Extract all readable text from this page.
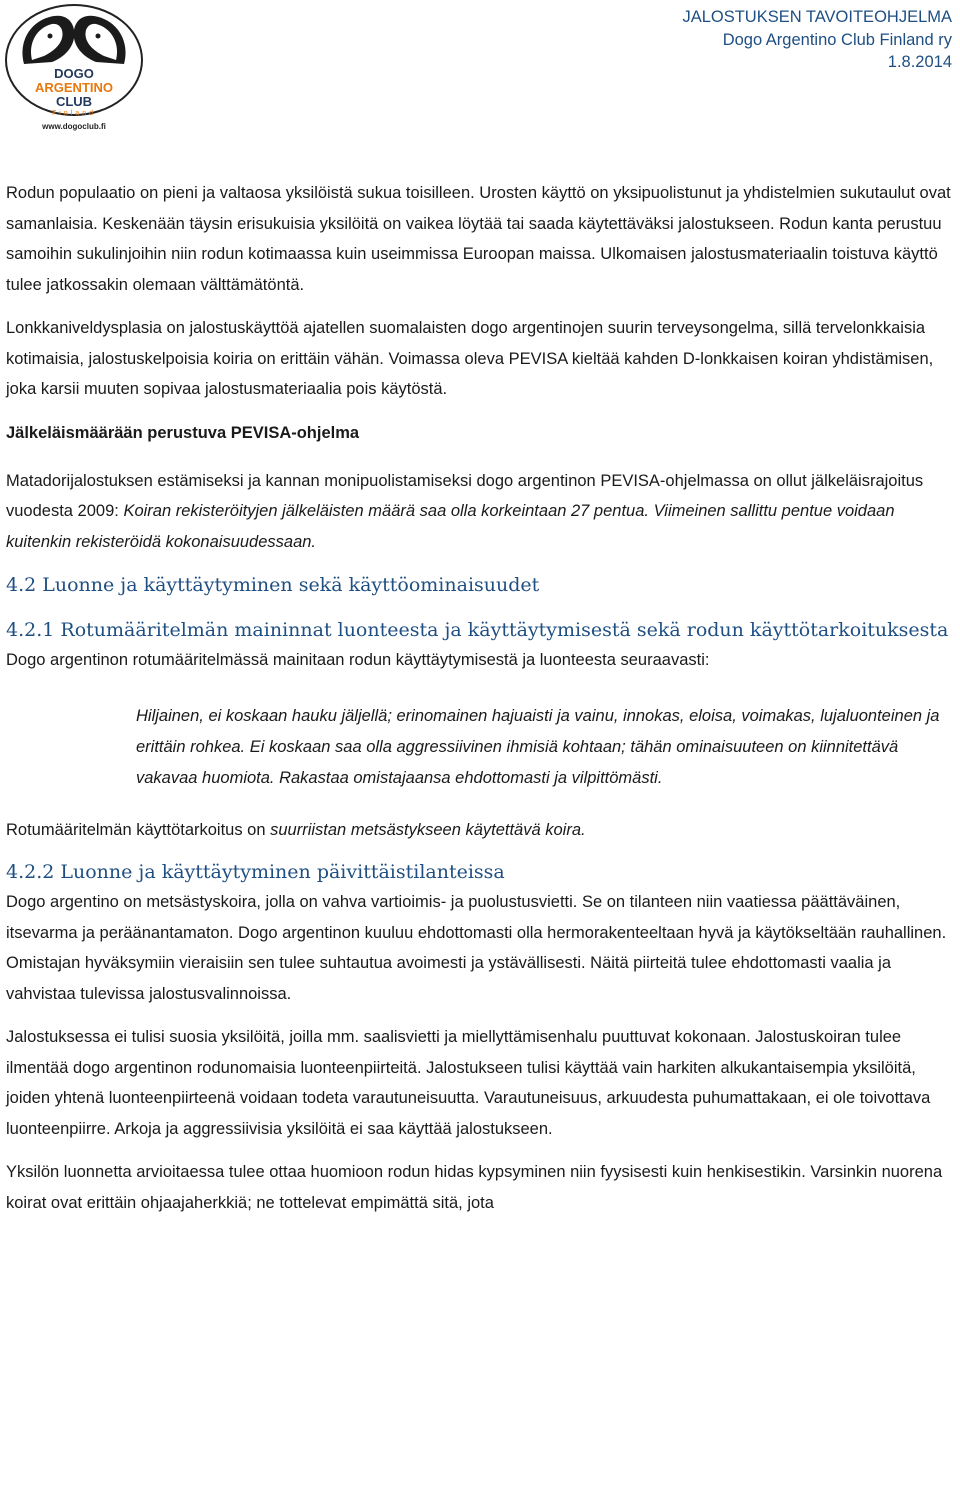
DOGO
ARGENTINO
CLUB
Finland
www.dogoclub.fi
JALOSTUKSEN TAVOITEOHJELMA
Dogo Argentino Club Finland ry
1.8.2014

Rodun populaatio on pieni ja valtaosa yksilöistä sukua toisilleen. Urosten käyttö on yksipuolistunut ja yhdistelmien sukutaulut ovat samanlaisia. Keskenään täysin erisukuisia yksilöitä on vaikea löytää tai saada käytettäväksi jalostukseen. Rodun kanta perustuu samoihin sukulinjoihin niin rodun kotimaassa kuin useimmissa Euroopan maissa. Ulkomaisen jalostusmateriaalin toistuva käyttö tulee jatkossakin olemaan välttämätöntä.

Lonkkaniveldysplasia on jalostuskäyttöä ajatellen suomalaisten dogo argentinojen suurin terveysongelma, sillä tervelonkkaisia kotimaisia, jalostuskelpoisia koiria on erittäin vähän. Voimassa oleva PEVISA kieltää kahden D-lonkkaisen koiran yhdistämisen, joka karsii muuten sopivaa jalostusmateriaalia pois käytöstä.

Jälkeläismäärään perustuva PEVISA-ohjelma

Matadorijalostuksen estämiseksi ja kannan monipuolistamiseksi dogo argentinon PEVISA-ohjelmassa on ollut jälkeläisrajoitus vuodesta 2009: Koiran rekisteröityjen jälkeläisten määrä saa olla korkeintaan 27 pentua. Viimeinen sallittu pentue voidaan kuitenkin rekisteröidä kokonaisuudessaan.

4.2 Luonne ja käyttäytyminen sekä käyttöominaisuudet
4.2.1 Rotumääritelmän maininnat luonteesta ja käyttäytymisestä sekä rodun käyttötarkoituksesta

Dogo argentinon rotumääritelmässä mainitaan rodun käyttäytymisestä ja luonteesta seuraavasti:

Hiljainen, ei koskaan hauku jäljellä; erinomainen hajuaisti ja vainu, innokas, eloisa, voimakas, lujaluonteinen ja erittäin rohkea. Ei koskaan saa olla aggressiivinen ihmisiä kohtaan; tähän ominaisuuteen on kiinnitettävä vakavaa huomiota. Rakastaa omistajaansa ehdottomasti ja vilpittömästi.

Rotumääritelmän käyttötarkoitus on suurriistan metsästykseen käytettävä koira.

4.2.2 Luonne ja käyttäytyminen päivittäistilanteissa

Dogo argentino on metsästyskoira, jolla on vahva vartioimis- ja puolustusvietti. Se on tilanteen niin vaatiessa päättäväinen, itsevarma ja peräänantamaton. Dogo argentinon kuuluu ehdottomasti olla hermorakenteeltaan hyvä ja käytökseltään rauhallinen. Omistajan hyväksymiin vieraisiin sen tulee suhtautua avoimesti ja ystävällisesti. Näitä piirteitä tulee ehdottomasti vaalia ja vahvistaa tulevissa jalostusvalinnoissa.

Jalostuksessa ei tulisi suosia yksilöitä, joilla mm. saalisvietti ja miellyttämisenhalu puuttuvat kokonaan. Jalostuskoiran tulee ilmentää dogo argentinon rodunomaisia luonteenpiirteitä. Jalostukseen tulisi käyttää vain harkiten alkukantaisempia yksilöitä, joiden yhtenä luonteenpiirteenä voidaan todeta varautuneisuutta. Varautuneisuus, arkuudesta puhumattakaan, ei ole toivottava luonteenpiirre. Arkoja ja aggressiivisia yksilöitä ei saa käyttää jalostukseen.

Yksilön luonnetta arvioitaessa tulee ottaa huomioon rodun hidas kypsyminen niin fyysisesti kuin henkisestikin. Varsinkin nuorena koirat ovat erittäin ohjaajaherkkiä; ne tottelevat empimättä sitä, jota
